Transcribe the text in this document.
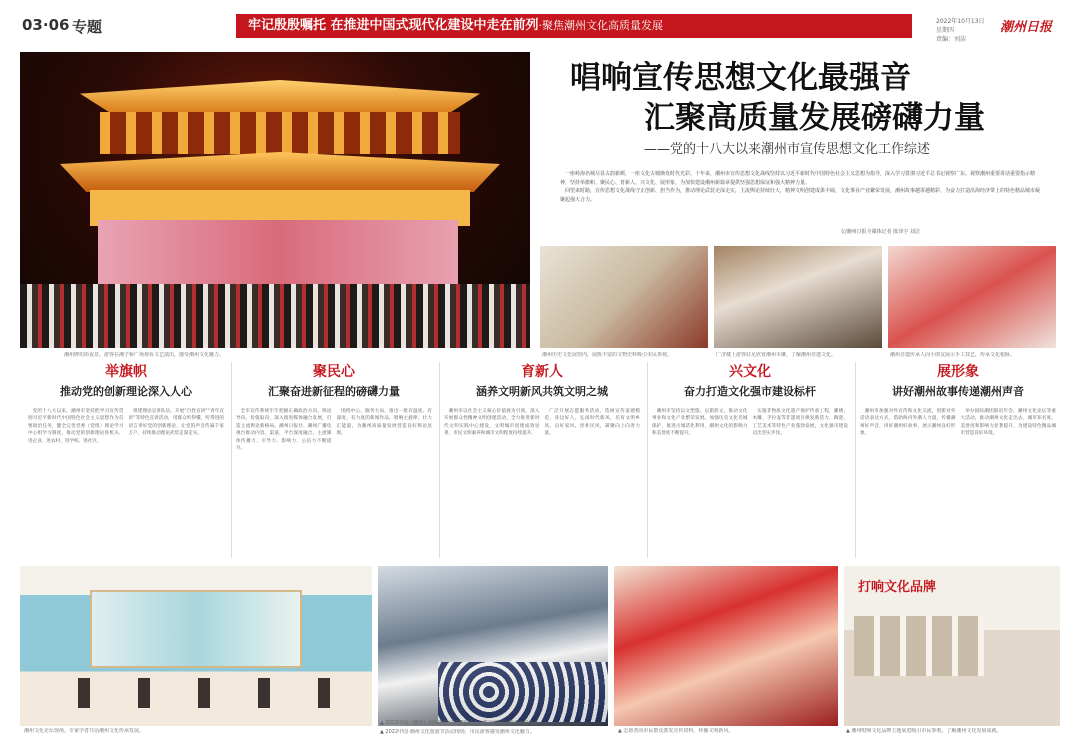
03·06 专题	牢记殷殷嘱托 在推进中国式现代化建设中走在前列·聚焦潮州文化高质量发展	2022年10月13日 星期四
责编：刘洁
潮州日报
潮州牌坊街夜景，游客在湘子桥广场观看文艺演出，感受潮州文化魅力。
唱响宣传思想文化最强音
汇聚高质量发展磅礴力量
——党的十八大以来潮州市宣传思想文化工作综述

一座岭海名城尽显古韵新颜，一座文化古城焕发时代光彩。十年来，潮州市宣传思想文化战线坚持以习近平新时代中国特色社会主义思想为指导，深入学习贯彻习近平总书记视察广东、视察潮州重要讲话重要指示精神，坚持举旗帜、聚民心、育新人、兴文化、展形象，为加快建设潮州新篇章提供坚强思想保证和强大精神力量。

回望来时路，宣传思想文化战线守正创新、担当作为，推动理论武装走深走实，主流舆论持续壮大，精神文明创建成果丰硕，文化事业产业繁荣发展，潮州故事越讲越精彩，为奋力打造沿海经济带上的特色精品城市凝聚起强大合力。

文/潮州日报全媒体记者 陈泽宇 刘洁
潮州历史文化展馆内，展陈丰富的文物史料吸引市民参观。	广济楼上游客驻足欣赏潮州木雕，了解潮州非遗文化。	潮州非遗传承人向小朋友展示手工技艺，传承文化根脉。
举旗帜
推动党的创新理论深入人心

党的十八大以来，潮州市坚持把学习宣传贯彻习近平新时代中国特色社会主义思想作为首要政治任务，健全完善党委（党组）理论学习中心组学习制度，推动党的创新理论进机关、进企业、进农村、进学校、进社区。

组建理论宣讲队伍，开展“百姓宣讲”“青年宣讲”等特色宣讲活动，用群众听得懂、听得进的语言讲好党的创新理论，让党的声音传遍千家万户，持续推动理论武装走深走实。

聚民心
汇聚奋进新征程的磅礴力量

全市宣传系统牢牢把握正确政治方向、舆论导向、价值取向，深入推进媒体融合发展，打造主流舆论新格局。潮州日报社、潮州广播电视台推动内容、渠道、平台深度融合，主流媒体传播力、引导力、影响力、公信力不断提升。

围绕中心、服务大局，推出一批有温度、有深度、有力度的新闻作品，唱响主旋律、壮大正能量，为潮州高质量发展营造良好舆论氛围。

育新人
涵养文明新风共筑文明之城

潮州市以社会主义核心价值观为引领，深入开展群众性精神文明创建活动，全力推进新时代文明实践中心建设，文明城市创建成效显著，市民文明素养和城市文明程度持续提升。

广泛开展志愿服务活动，选树宣传道德模范、身边好人，弘扬时代新风，培育文明乡风、良好家风、淳朴民风，凝聚向上向善力量。

兴文化
奋力打造文化强市建设标杆

潮州市坚持以文塑旅、以旅彰文，推动文化事业和文化产业繁荣发展。加强历史文化名城保护，推进古城活化利用，潮州文化的影响力和美誉度不断提升。

实施非物质文化遗产保护传承工程，潮绣、木雕、手拉壶等非遗项目焕发新活力，陶瓷、工艺美术等特色产业蓬勃发展，文化强市建设迈出坚实步伐。

展形象
讲好潮州故事传递潮州声音

潮州市加强对外宣传和文化交流，创新对外话语表达方式，借助海内外潮人力量，传播潮州好声音，讲好潮州好故事，展示潮州良好形象。

举办国际潮团联谊年会、潮州文化论坛等重大活动，推动潮州文化走出去，城市知名度、美誉度和影响力显著提升，为建设特色精品城市营造良好环境。

打响文化品牌
潮州文化论坛现场，专家学者共话潮州文化传承发展。
▲ 2022中国（潮州）国际陶瓷交易博览会上，参展商展示精美陶瓷产品。
▲ 2022中国·潮州文化旅游节活动现场，市民游客感受潮州文化魅力。	▲ 志愿者向市民群众派发宣传资料，传播文明新风。	▲ 潮州唱响文化品牌主题展览吸引市民参观，了解潮州文化发展成就。
